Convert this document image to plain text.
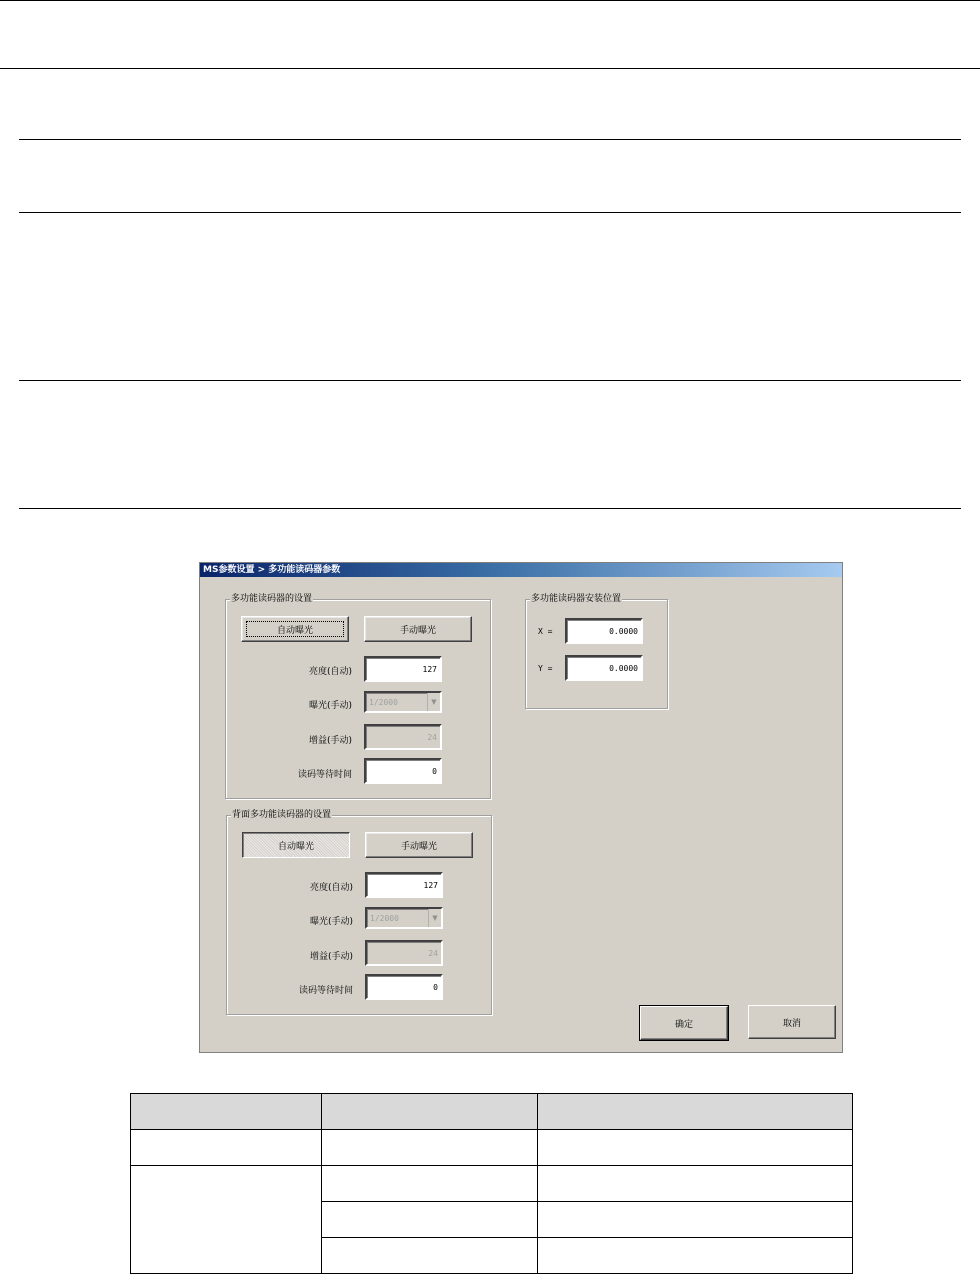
MS参数设置 > 多功能读码器参数
多功能读码器的设置
自动曝光	手动曝光
亮度(自动)	127
曝光(手动) 1/2000	▼
增益(手动)	24
读码等待时间	0
背面多功能读码器的设置
自动曝光	手动曝光
亮度(自动)	127
曝光(手动) 1/2000	▼
增益(手动)	24
读码等待时间	0
多功能读码器安装位置
X =	0.0000
Y =	0.0000
确定	取消
